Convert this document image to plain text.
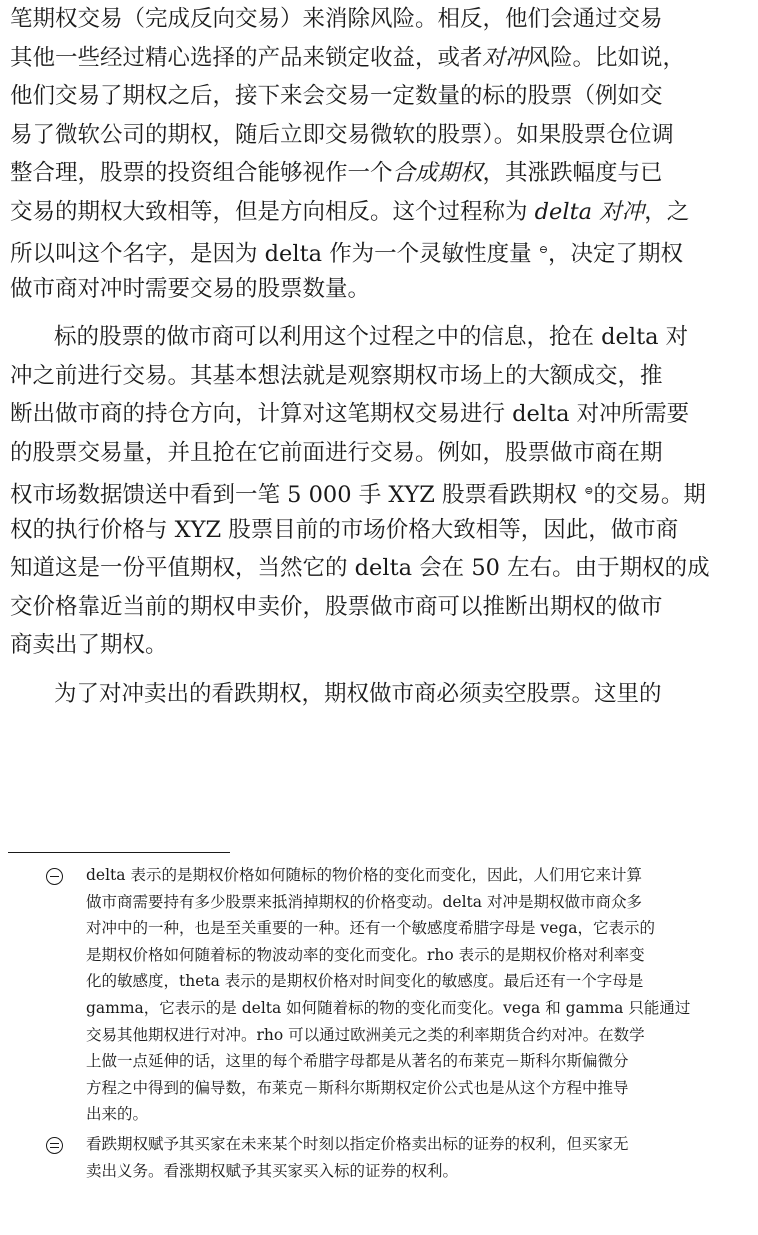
笔期权交易（完成反向交易）来消除风险。相反，他们会通过交易
其他一些经过精心选择的产品来锁定收益，或者对冲风险。比如说，
他们交易了期权之后，接下来会交易一定数量的标的股票（例如交
易了微软公司的期权，随后立即交易微软的股票）。如果股票仓位调
整合理，股票的投资组合能够视作一个合成期权，其涨跌幅度与已
交易的期权大致相等，但是方向相反。这个过程称为 delta 对冲，之
所以叫这个名字，是因为 delta 作为一个灵敏性度量 ⊖，决定了期权
做市商对冲时需要交易的股票数量。
标的股票的做市商可以利用这个过程之中的信息，抢在 delta 对
冲之前进行交易。其基本想法就是观察期权市场上的大额成交，推
断出做市商的持仓方向，计算对这笔期权交易进行 delta 对冲所需要
的股票交易量，并且抢在它前面进行交易。例如，股票做市商在期
权市场数据馈送中看到一笔 5 000 手 XYZ 股票看跌期权 ⊜的交易。期
权的执行价格与 XYZ 股票目前的市场价格大致相等，因此，做市商
知道这是一份平值期权，当然它的 delta 会在 50 左右。由于期权的成
交价格靠近当前的期权申卖价，股票做市商可以推断出期权的做市
商卖出了期权。
为了对冲卖出的看跌期权，期权做市商必须卖空股票。这里的
delta 表示的是期权价格如何随标的物价格的变化而变化，因此，人们用它来计算
做市商需要持有多少股票来抵消掉期权的价格变动。delta 对冲是期权做市商众多
对冲中的一种，也是至关重要的一种。还有一个敏感度希腊字母是 vega，它表示的
是期权价格如何随着标的物波动率的变化而变化。rho 表示的是期权价格对利率变
化的敏感度，theta 表示的是期权价格对时间变化的敏感度。最后还有一个字母是
gamma，它表示的是 delta 如何随着标的物的变化而变化。vega 和 gamma 只能通过
交易其他期权进行对冲。rho 可以通过欧洲美元之类的利率期货合约对冲。在数学
上做一点延伸的话，这里的每个希腊字母都是从著名的布莱克－斯科尔斯偏微分
方程之中得到的偏导数，布莱克－斯科尔斯期权定价公式也是从这个方程中推导
出来的。
看跌期权赋予其买家在未来某个时刻以指定价格卖出标的证券的权利，但买家无
卖出义务。看涨期权赋予其买家买入标的证券的权利。
